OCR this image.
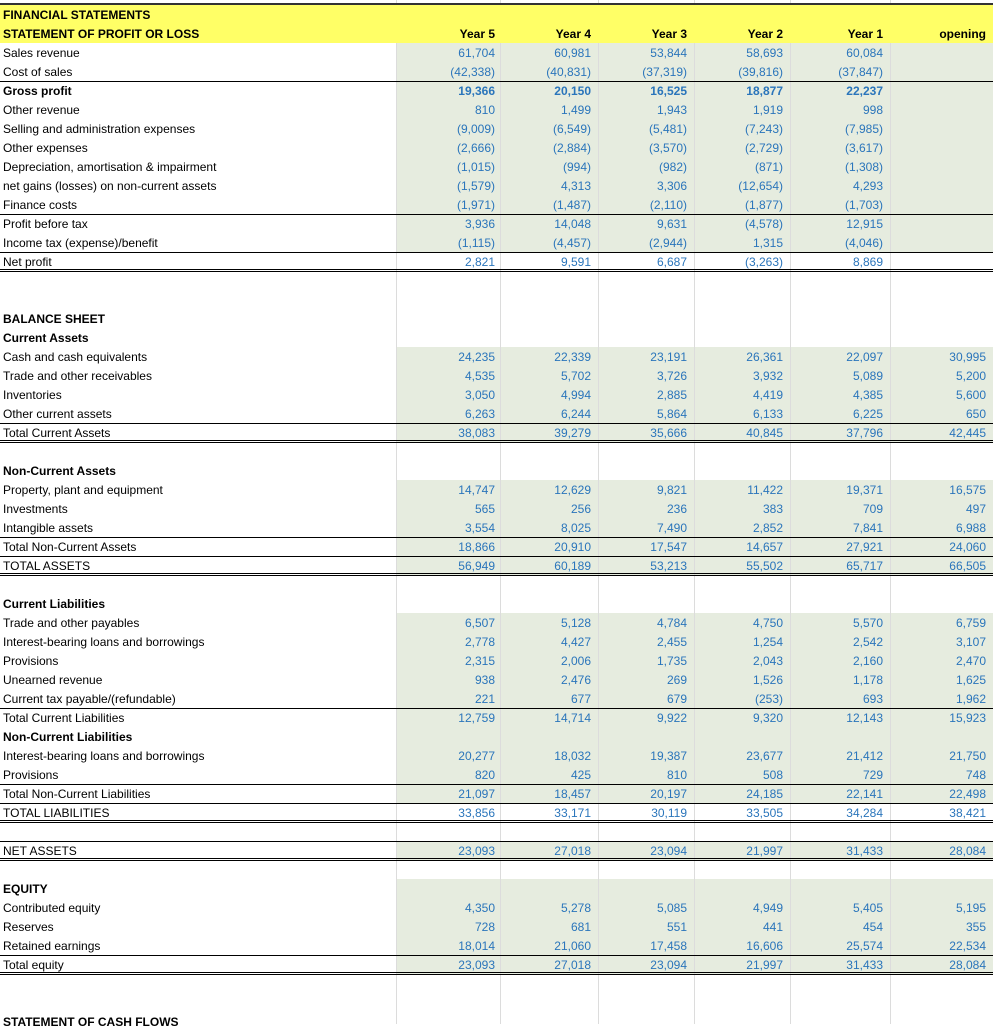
FINANCIAL STATEMENTS
STATEMENT OF PROFIT OR LOSS	Year 5	Year 4	Year 3	Year 2	Year 1	opening
Sales revenue	61,704	60,981	53,844	58,693	60,084
Cost of sales	(42,338)	(40,831)	(37,319)	(39,816)	(37,847)
Gross profit	19,366	20,150	16,525	18,877	22,237
Other revenue	810	1,499	1,943	1,919	998
Selling and administration expenses	(9,009)	(6,549)	(5,481)	(7,243)	(7,985)
Other expenses	(2,666)	(2,884)	(3,570)	(2,729)	(3,617)
Depreciation, amortisation & impairment	(1,015)	(994)	(982)	(871)	(1,308)
net gains (losses) on non-current assets	(1,579)	4,313	3,306	(12,654)	4,293
Finance costs	(1,971)	(1,487)	(2,110)	(1,877)	(1,703)
Profit before tax	3,936	14,048	9,631	(4,578)	12,915
Income tax (expense)/benefit	(1,115)	(4,457)	(2,944)	1,315	(4,046)
Net profit	2,821	9,591	6,687	(3,263)	8,869
BALANCE SHEET
Current Assets
Cash and cash equivalents	24,235	22,339	23,191	26,361	22,097	30,995
Trade and other receivables	4,535	5,702	3,726	3,932	5,089	5,200
Inventories	3,050	4,994	2,885	4,419	4,385	5,600
Other current assets	6,263	6,244	5,864	6,133	6,225	650
Total Current Assets	38,083	39,279	35,666	40,845	37,796	42,445
Non-Current Assets
Property, plant and equipment	14,747	12,629	9,821	11,422	19,371	16,575
Investments	565	256	236	383	709	497
Intangible assets	3,554	8,025	7,490	2,852	7,841	6,988
Total Non-Current Assets	18,866	20,910	17,547	14,657	27,921	24,060
TOTAL ASSETS	56,949	60,189	53,213	55,502	65,717	66,505
Current Liabilities
Trade and other payables	6,507	5,128	4,784	4,750	5,570	6,759
Interest-bearing loans and borrowings	2,778	4,427	2,455	1,254	2,542	3,107
Provisions	2,315	2,006	1,735	2,043	2,160	2,470
Unearned revenue	938	2,476	269	1,526	1,178	1,625
Current tax payable/(refundable)	221	677	679	(253)	693	1,962
Total Current Liabilities	12,759	14,714	9,922	9,320	12,143	15,923
Non-Current Liabilities
Interest-bearing loans and borrowings	20,277	18,032	19,387	23,677	21,412	21,750
Provisions	820	425	810	508	729	748
Total Non-Current Liabilities	21,097	18,457	20,197	24,185	22,141	22,498
TOTAL LIABILITIES	33,856	33,171	30,119	33,505	34,284	38,421
NET ASSETS	23,093	27,018	23,094	21,997	31,433	28,084
EQUITY
Contributed equity	4,350	5,278	5,085	4,949	5,405	5,195
Reserves	728	681	551	441	454	355
Retained earnings	18,014	21,060	17,458	16,606	25,574	22,534
Total equity	23,093	27,018	23,094	21,997	31,433	28,084
STATEMENT OF CASH FLOWS
